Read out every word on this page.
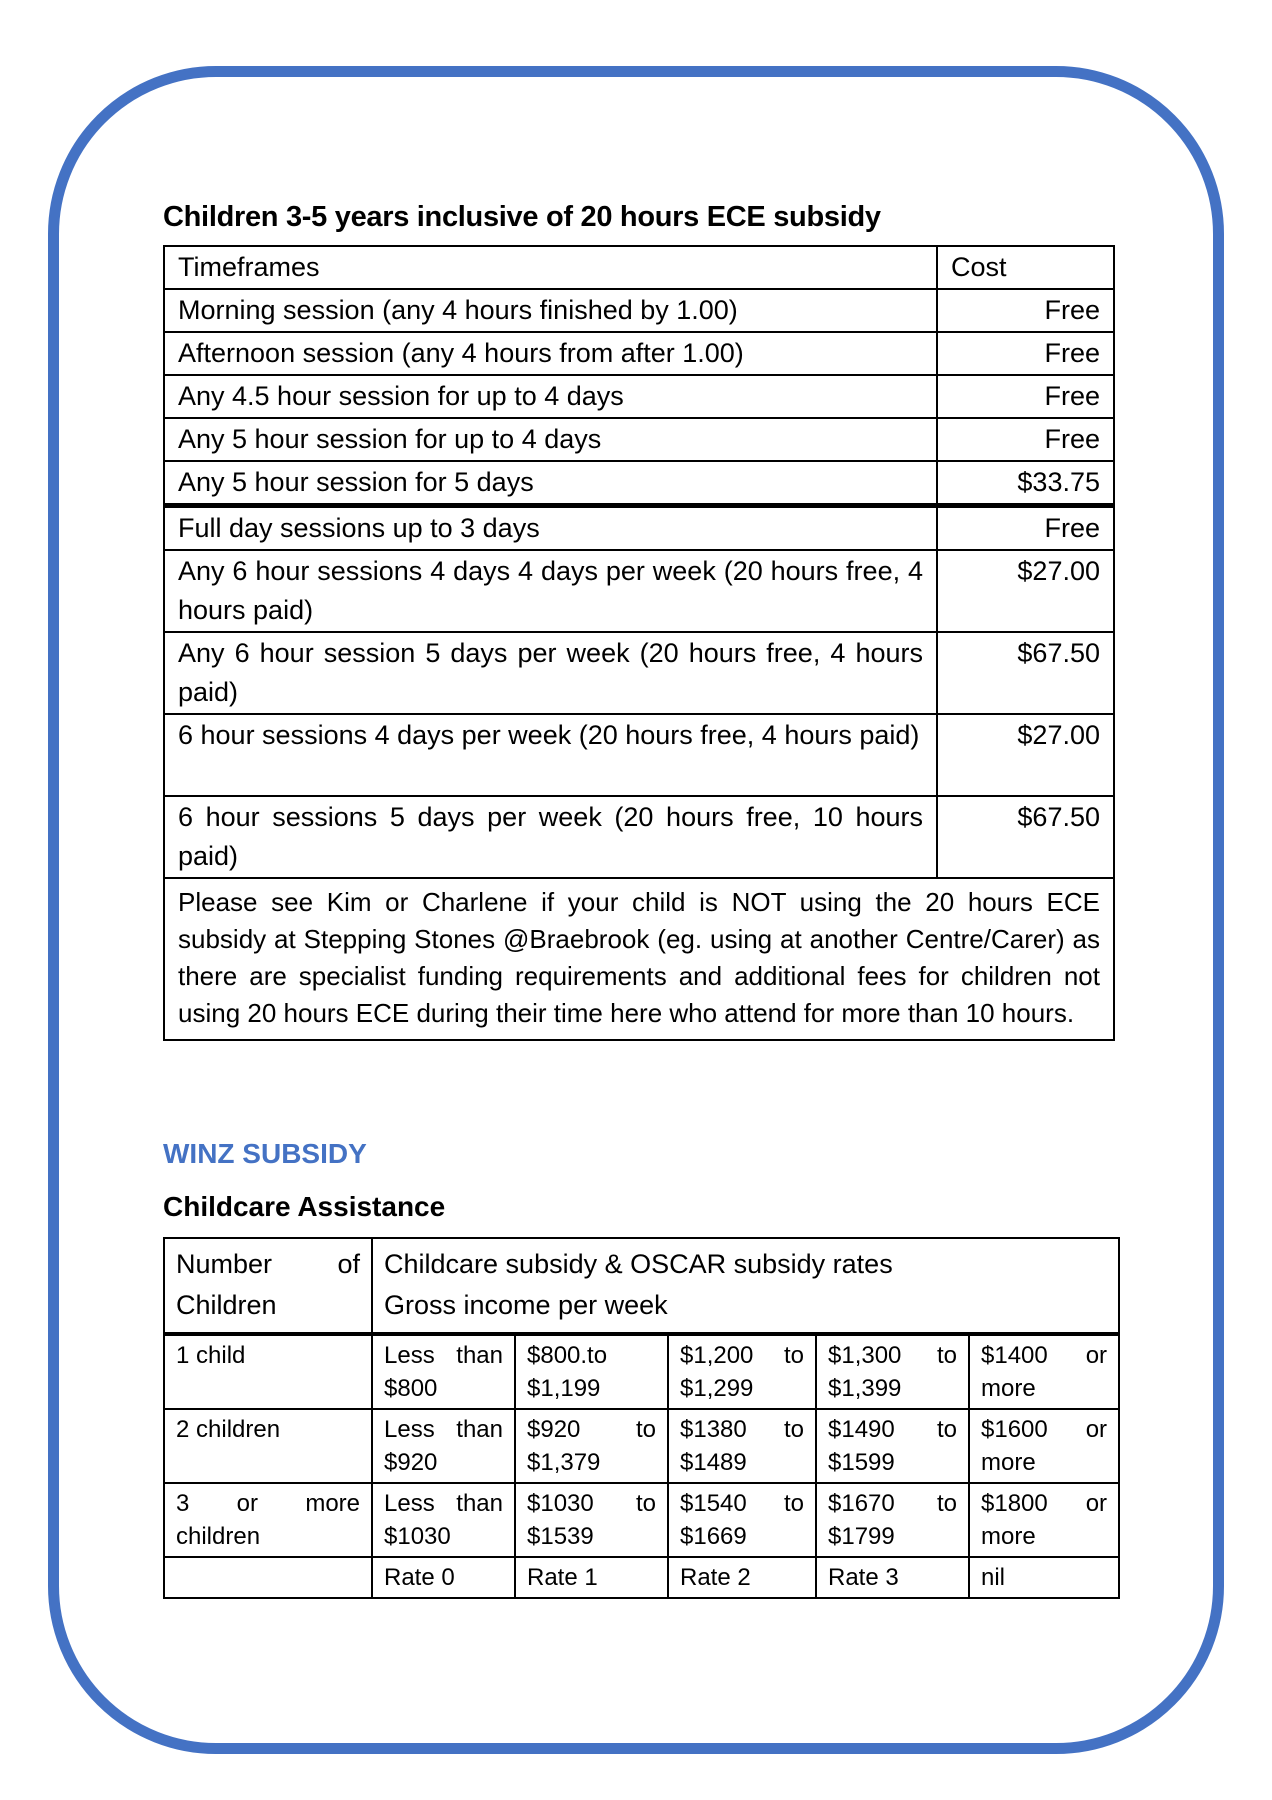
Children 3-5 years inclusive of 20 hours ECE subsidy
Timeframes	Cost
Morning session (any 4 hours finished by 1.00)	Free
Afternoon session (any 4 hours from after 1.00)	Free
Any 4.5 hour session for up to 4 days	Free
Any 5 hour session for up to 4 days	Free
Any 5 hour session for 5 days	$33.75
Full day sessions up to 3 days	Free
Any 6 hour sessions 4 days 4 days per week (20 hours free, 4 hours paid)	$27.00
Any 6 hour session 5 days per week (20 hours free, 4 hours paid)	$67.50
6 hour sessions 4 days per week (20 hours free, 4 hours paid)	$27.00
6 hour sessions 5 days per week (20 hours free, 10 hours paid)	$67.50
Please see Kim or Charlene if your child is NOT using the 20 hours ECE subsidy at Stepping Stones @Braebrook (eg. using at another Centre/Carer) as there are specialist funding requirements and additional fees for children not using 20 hours ECE during their time here who attend for more than 10 hours.	
WINZ SUBSIDY
Childcare Assistance
Number of Children	Childcare subsidy & OSCAR subsidy rates
Gross income per week				

1 child	Less than $800	$800.to $1,199	$1,200 to $1,299	$1,300 to $1,399	$1400 or more
2 children	Less than $920	$920 to $1,379	$1380 to $1489	$1490 to $1599	$1600 or more
3 or more children	Less than $1030	$1030 to $1539	$1540 to $1669	$1670 to $1799	$1800 or more
	Rate 0	Rate 1	Rate 2	Rate 3	nil
